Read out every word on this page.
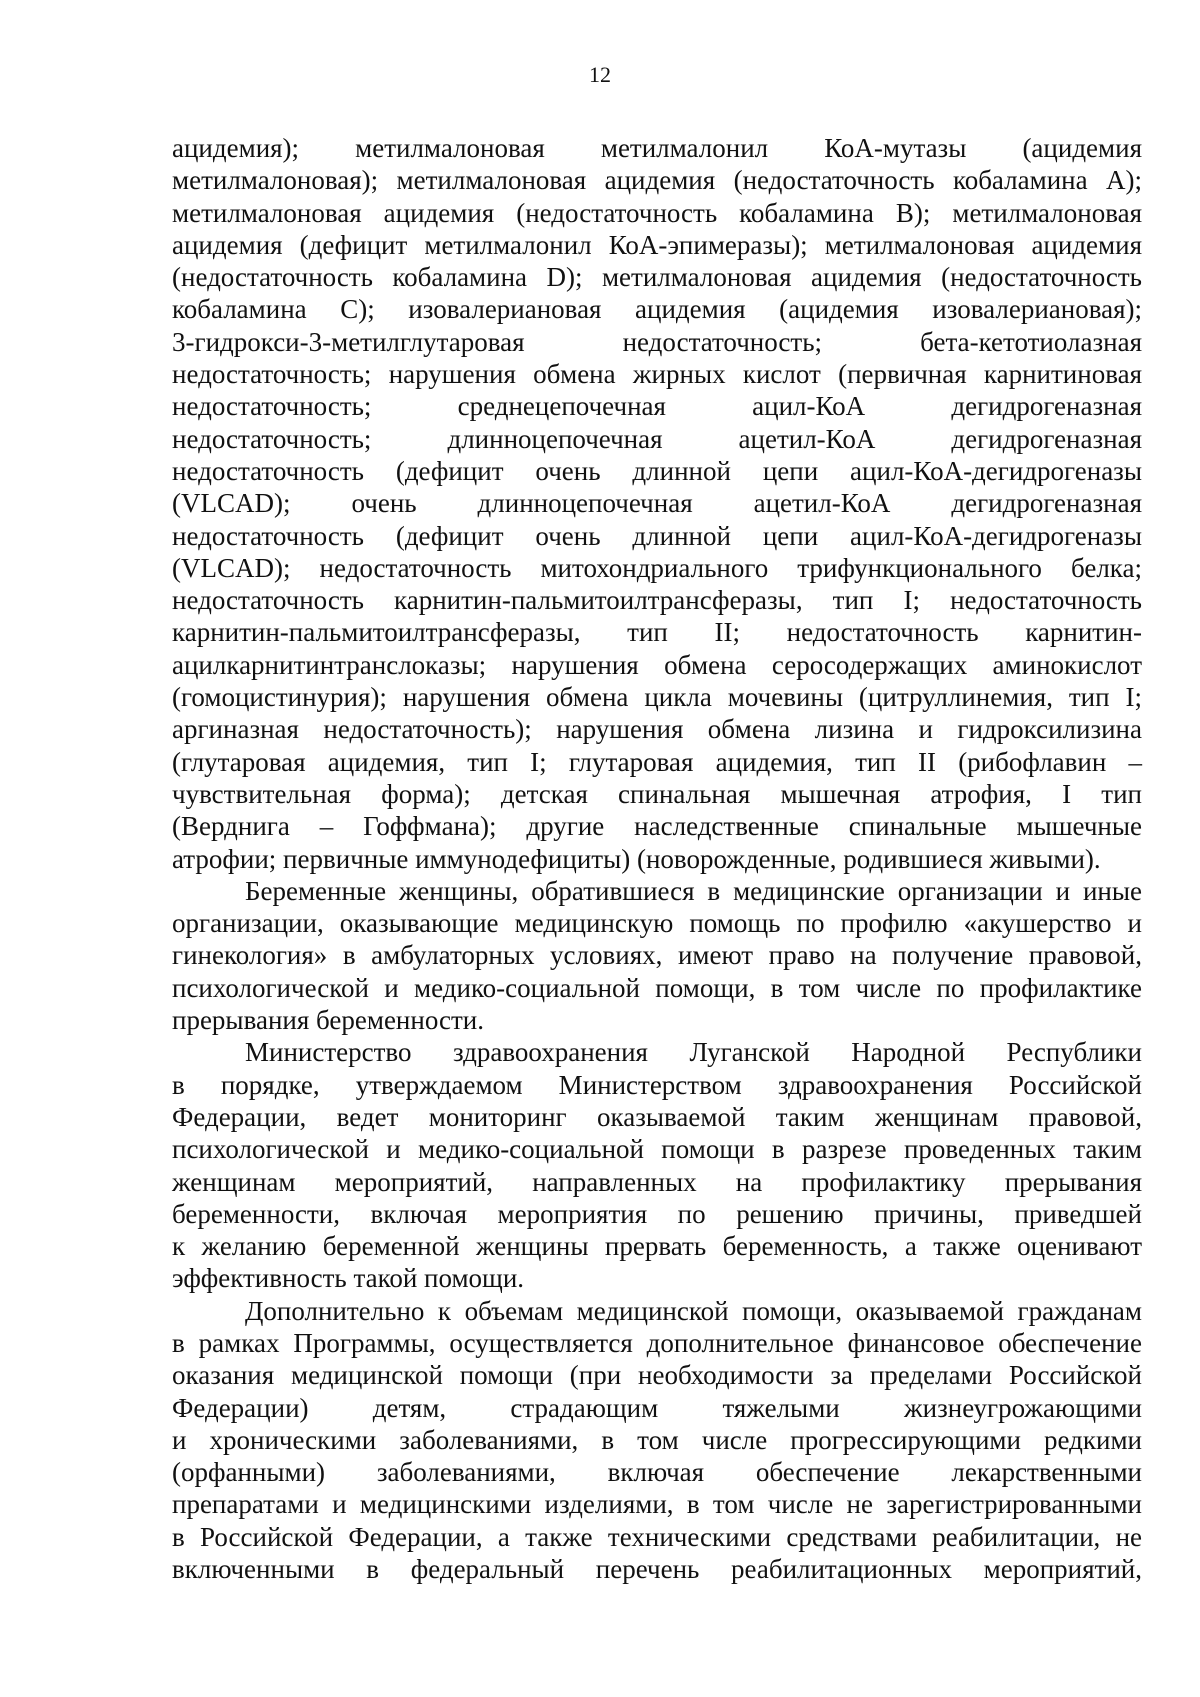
12

ацидемия); метилмалоновая метилмалонил КоА-мутазы (ацидемия
метилмалоновая); метилмалоновая ацидемия (недостаточность кобаламина А);
метилмалоновая ацидемия (недостаточность кобаламина В); метилмалоновая
ацидемия (дефицит метилмалонил КоА-эпимеразы); метилмалоновая ацидемия
(недостаточность кобаламина D); метилмалоновая ацидемия (недостаточность
кобаламина С); изовалериановая ацидемия (ацидемия изовалериановая);
3-гидрокси-3-метилглутаровая недостаточность; бета-кетотиолазная
недостаточность; нарушения обмена жирных кислот (первичная карнитиновая
недостаточность; среднецепочечная ацил-КоА дегидрогеназная
недостаточность; длинноцепочечная ацетил-КоА дегидрогеназная
недостаточность (дефицит очень длинной цепи ацил-КоА-дегидрогеназы
(VLCAD); очень длинноцепочечная ацетил-КоА дегидрогеназная
недостаточность (дефицит очень длинной цепи ацил-КоА-дегидрогеназы
(VLCAD); недостаточность митохондриального трифункционального белка;
недостаточность карнитин-пальмитоилтрансферазы, тип I; недостаточность
карнитин-пальмитоилтрансферазы, тип II; недостаточность карнитин-
ацилкарнитинтранслоказы; нарушения обмена серосодержащих аминокислот
(гомоцистинурия); нарушения обмена цикла мочевины (цитруллинемия, тип I;
аргиназная недостаточность); нарушения обмена лизина и гидроксилизина
(глутаровая ацидемия, тип I; глутаровая ацидемия, тип II (рибофлавин –
чувствительная форма); детская спинальная мышечная атрофия, I тип
(Верднига – Гоффмана); другие наследственные спинальные мышечные
атрофии; первичные иммунодефициты) (новорожденные, родившиеся живыми).

Беременные женщины, обратившиеся в медицинские организации и иные
организации, оказывающие медицинскую помощь по профилю «акушерство и
гинекология» в амбулаторных условиях, имеют право на получение правовой,
психологической и медико-социальной помощи, в том числе по профилактике
прерывания беременности.

Министерство здравоохранения Луганской Народной Республики
в порядке, утверждаемом Министерством здравоохранения Российской
Федерации, ведет мониторинг оказываемой таким женщинам правовой,
психологической и медико-социальной помощи в разрезе проведенных таким
женщинам мероприятий, направленных на профилактику прерывания
беременности, включая мероприятия по решению причины, приведшей
к желанию беременной женщины прервать беременность, а также оценивают
эффективность такой помощи.

Дополнительно к объемам медицинской помощи, оказываемой гражданам
в рамках Программы, осуществляется дополнительное финансовое обеспечение
оказания медицинской помощи (при необходимости за пределами Российской
Федерации) детям, страдающим тяжелыми жизнеугрожающими
и хроническими заболеваниями, в том числе прогрессирующими редкими
(орфанными) заболеваниями, включая обеспечение лекарственными
препаратами и медицинскими изделиями, в том числе не зарегистрированными
в Российской Федерации, а также техническими средствами реабилитации, не
включенными в федеральный перечень реабилитационных мероприятий,
